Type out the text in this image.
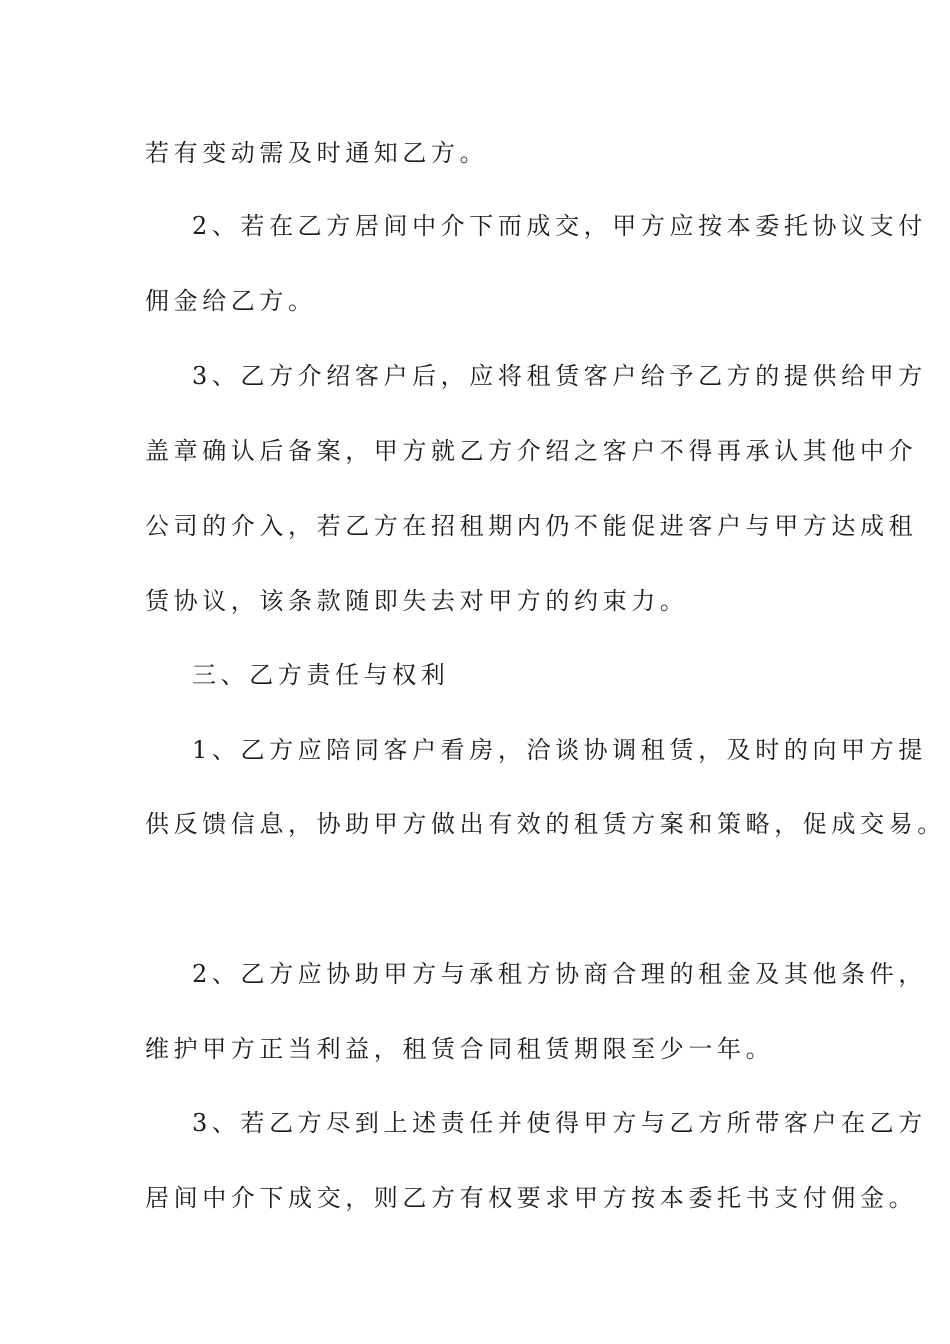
若有变动需及时通知乙方。
2、若在乙方居间中介下而成交，甲方应按本委托协议支付
佣金给乙方。
3、乙方介绍客户后，应将租赁客户给予乙方的提供给甲方
盖章确认后备案，甲方就乙方介绍之客户不得再承认其他中介
公司的介入，若乙方在招租期内仍不能促进客户与甲方达成租
赁协议，该条款随即失去对甲方的约束力。
三、乙方责任与权利
1、乙方应陪同客户看房，洽谈协调租赁，及时的向甲方提
供反馈信息，协助甲方做出有效的租赁方案和策略，促成交易。
2、乙方应协助甲方与承租方协商合理的租金及其他条件，
维护甲方正当利益，租赁合同租赁期限至少一年。
3、若乙方尽到上述责任并使得甲方与乙方所带客户在乙方
居间中介下成交，则乙方有权要求甲方按本委托书支付佣金。
